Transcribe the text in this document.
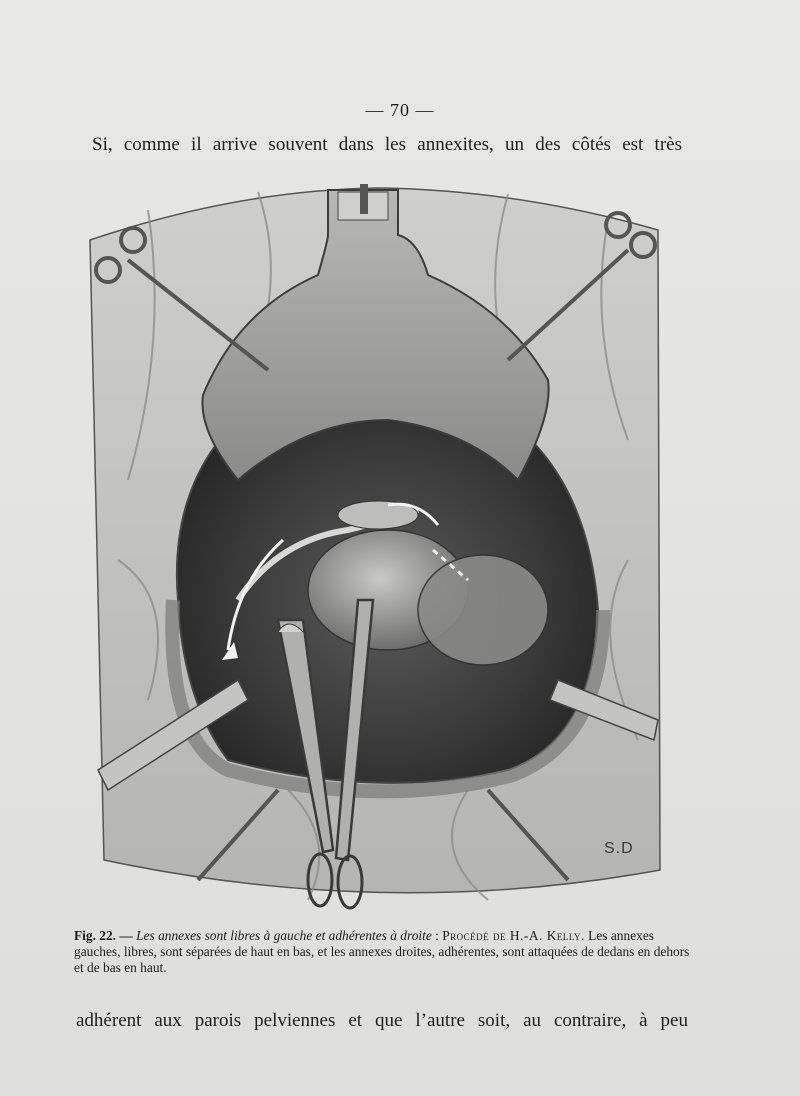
— 70 —
Si, comme il arrive souvent dans les annexites, un des côtés est très
S.D

Fig. 22. — Les annexes sont libres à gauche et adhérentes à droite : Procédé de H.-A. Kelly. Les annexes gauches, libres, sont séparées de haut en bas, et les annexes droites, adhérentes, sont attaquées de dedans en dehors et de bas en haut.

adhérent aux parois pelviennes et que l’autre soit, au contraire, à peu
